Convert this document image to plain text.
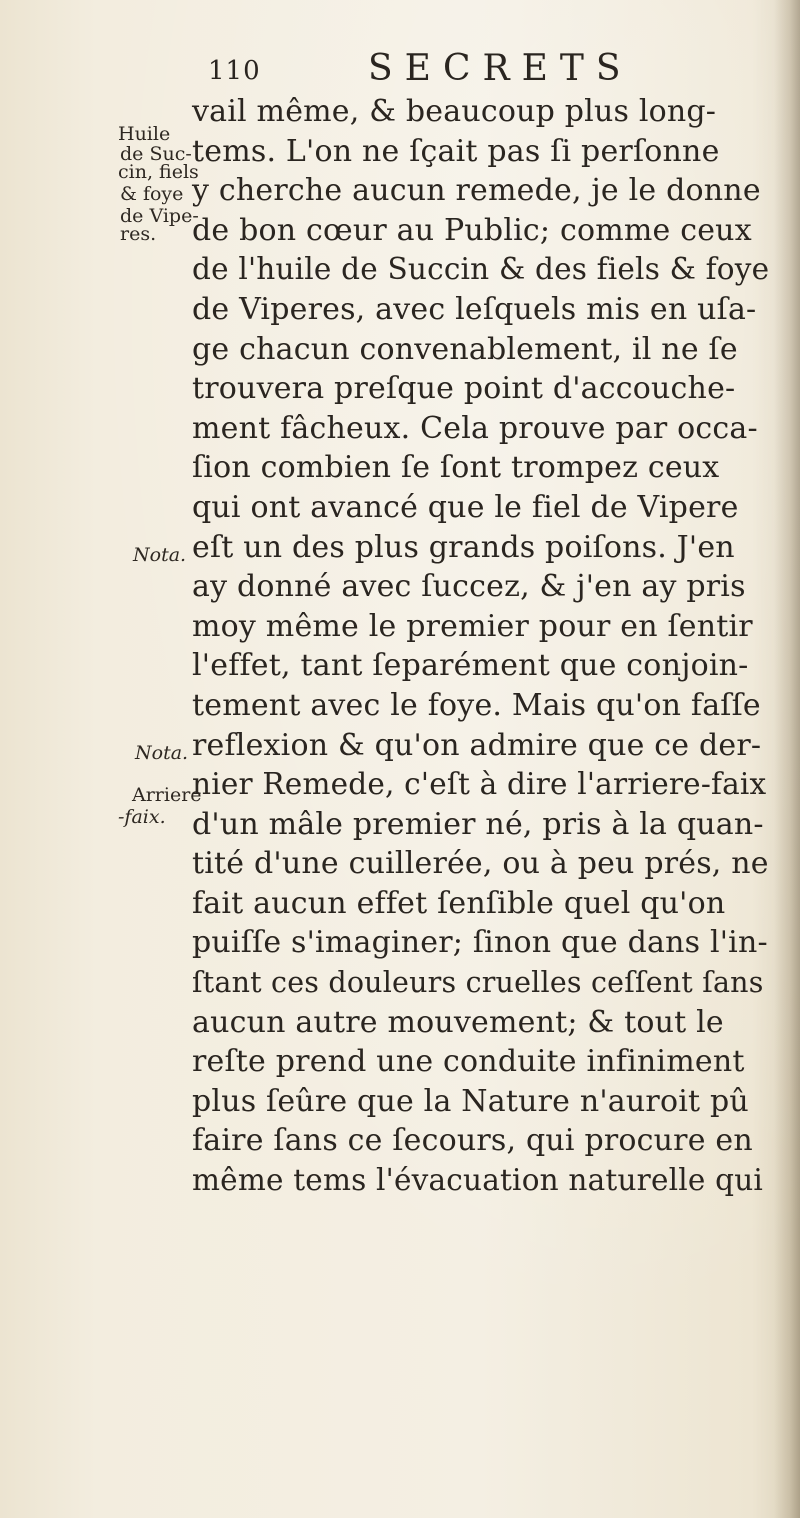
110	SECRETS
Huile
de Suc-
cin, fiels
& foye
de Vipe-
res.
Nota.
Nota.
Arriere
-faix.
vail même, & beaucoup plus long-
tems. L'on ne ſçait pas ſi perſonne
y cherche aucun remede, je le donne
de bon cœur au Public; comme ceux
de l'huile de Succin & des fiels & foye
de Viperes, avec leſquels mis en uſa-
ge chacun convenablement, il ne ſe
trouvera preſque point d'accouche-
ment fâcheux. Cela prouve par occa-
ſion combien ſe ſont trompez ceux
qui ont avancé que le fiel de Vipere
eſt un des plus grands poiſons. J'en
ay donné avec ſuccez, & j'en ay pris
moy même le premier pour en ſentir
l'effet, tant ſeparément que conjoin-
tement avec le foye. Mais qu'on faſſe
reflexion & qu'on admire que ce der-
nier Remede, c'eſt à dire l'arriere-faix
d'un mâle premier né, pris à la quan-
tité d'une cuillerée, ou à peu prés, ne
fait aucun effet ſenſible quel qu'on
puiſſe s'imaginer; ſinon que dans l'in-
ſtant ces douleurs cruelles ceſſent ſans
aucun autre mouvement; & tout le
reſte prend une conduite infiniment
plus ſeûre que la Nature n'auroit pû
faire ſans ce ſecours, qui procure en
même tems l'évacuation naturelle qui
